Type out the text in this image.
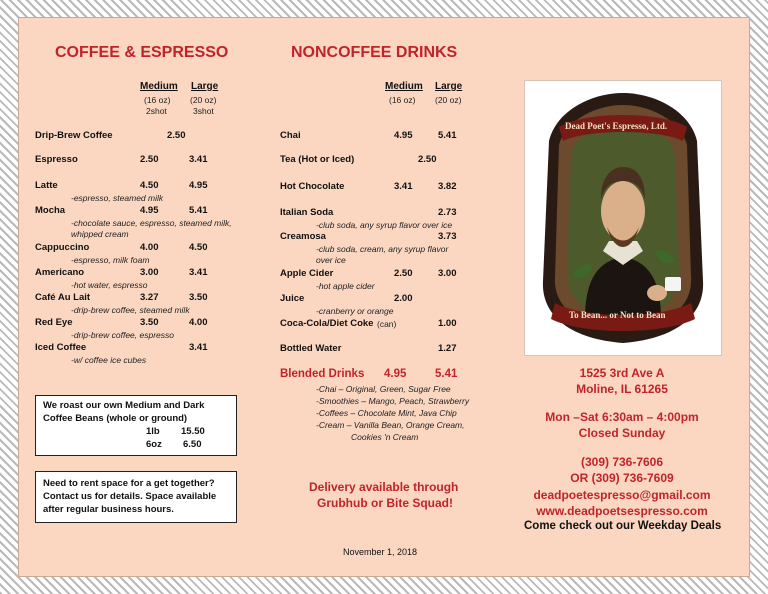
COFFEE & ESPRESSO
Medium Large
(16 oz) (20 oz)
2shot	3shot
Drip-Brew Coffee	2.50
Espresso	2.50	3.41
Latte	4.50	4.95
-espresso, steamed milk
Mocha	4.95	5.41
-chocolate sauce, espresso, steamed milk,
whipped cream
Cappuccino	4.00	4.50
-espresso, milk foam
Americano	3.00	3.41
-hot water, espresso
Café Au Lait	3.27	3.50
-drip-brew coffee, steamed milk
Red Eye	3.50	4.00
-drip-brew coffee, espresso
Iced Coffee	3.41
-w/ coffee ice cubes
We roast our own Medium and Dark
Coffee Beans (whole or ground)
1lb 15.50
6oz 6.50
Need to rent space for a get together?
Contact us for details. Space available
after regular business hours.
NONCOFFEE DRINKS
Medium Large
(16 oz) (20 oz)
Chai	4.95	5.41
Tea (Hot or Iced)	2.50
Hot Chocolate	3.41	3.82
Italian Soda	2.73
-club soda, any syrup flavor over ice
Creamosa	3.73
-club soda, cream, any syrup flavor
over ice
Apple Cider	2.50	3.00
-hot apple cider
Juice	2.00
-cranberry or orange
Coca-Cola/Diet Coke (can)	1.00
Bottled Water	1.27
Blended Drinks 4.95 5.41
-Chai – Original, Green, Sugar Free
-Smoothies – Mango, Peach, Strawberry
-Coffees – Chocolate Mint, Java Chip
-Cream – Vanilla Bean, Orange Cream,
Cookies 'n Cream
Delivery available through
Grubhub or Bite Squad!
November 1, 2018
Dead Poet's Espresso, Ltd.
To Bean... or Not to Bean
1525 3rd Ave A
Moline, IL 61265
Mon –Sat 6:30am – 4:00pm
Closed Sunday
(309) 736-7606
OR (309) 736-7609
deadpoetespresso@gmail.com
www.deadpoetsespresso.com
Come check out our Weekday Deals
